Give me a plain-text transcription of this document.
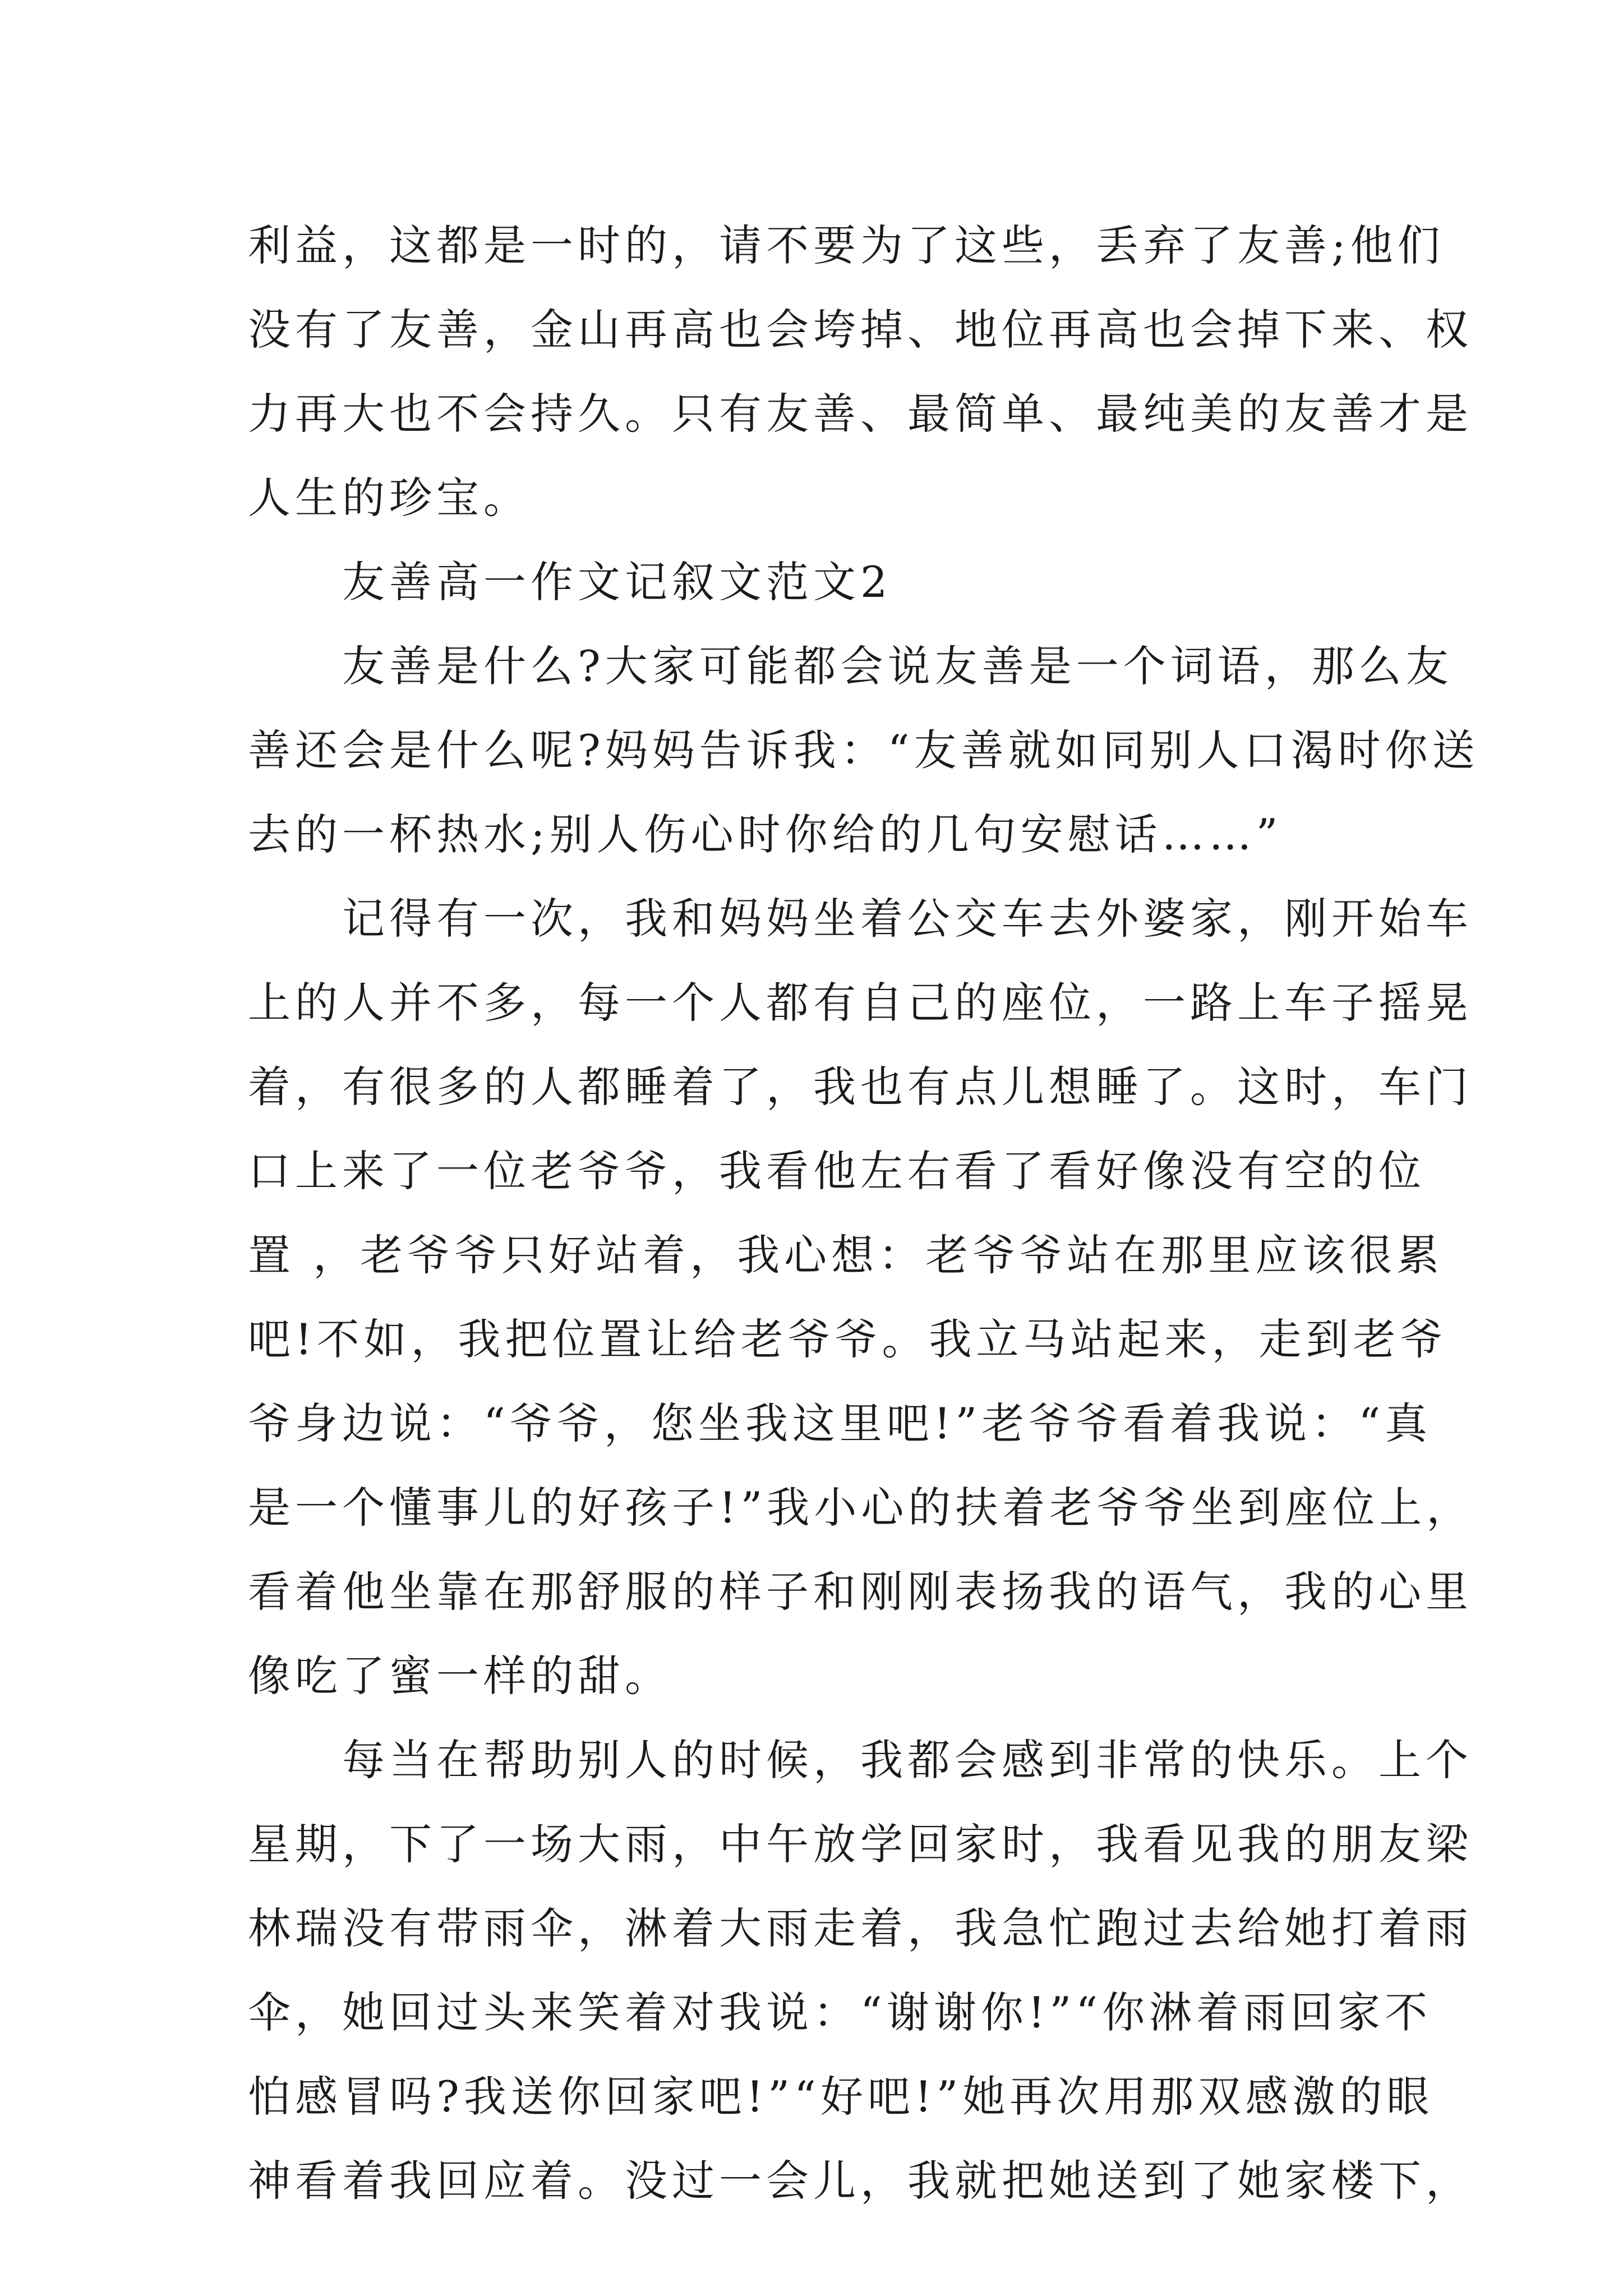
利益，这都是一时的，请不要为了这些，丢弃了友善;他们
没有了友善，金山再高也会垮掉、地位再高也会掉下来、权
力再大也不会持久。只有友善、最简单、最纯美的友善才是
人生的珍宝。
　　友善高一作文记叙文范文2
　　友善是什么?大家可能都会说友善是一个词语，那么友
善还会是什么呢?妈妈告诉我：“友善就如同别人口渴时你送
去的一杯热水;别人伤心时你给的几句安慰话……”
　　记得有一次，我和妈妈坐着公交车去外婆家，刚开始车
上的人并不多，每一个人都有自己的座位，一路上车子摇晃
着，有很多的人都睡着了，我也有点儿想睡了。这时，车门
口上来了一位老爷爷，我看他左右看了看好像没有空的位
置 ，老爷爷只好站着，我心想：老爷爷站在那里应该很累
吧!不如，我把位置让给老爷爷。我立马站起来，走到老爷
爷身边说：“爷爷，您坐我这里吧!”老爷爷看着我说：“真
是一个懂事儿的好孩子!”我小心的扶着老爷爷坐到座位上，
看着他坐靠在那舒服的样子和刚刚表扬我的语气，我的心里
像吃了蜜一样的甜。
　　每当在帮助别人的时候，我都会感到非常的快乐。上个
星期，下了一场大雨，中午放学回家时，我看见我的朋友梁
林瑞没有带雨伞，淋着大雨走着，我急忙跑过去给她打着雨
伞，她回过头来笑着对我说：“谢谢你!”“你淋着雨回家不
怕感冒吗?我送你回家吧!”“好吧!”她再次用那双感激的眼
神看着我回应着。没过一会儿，我就把她送到了她家楼下，
